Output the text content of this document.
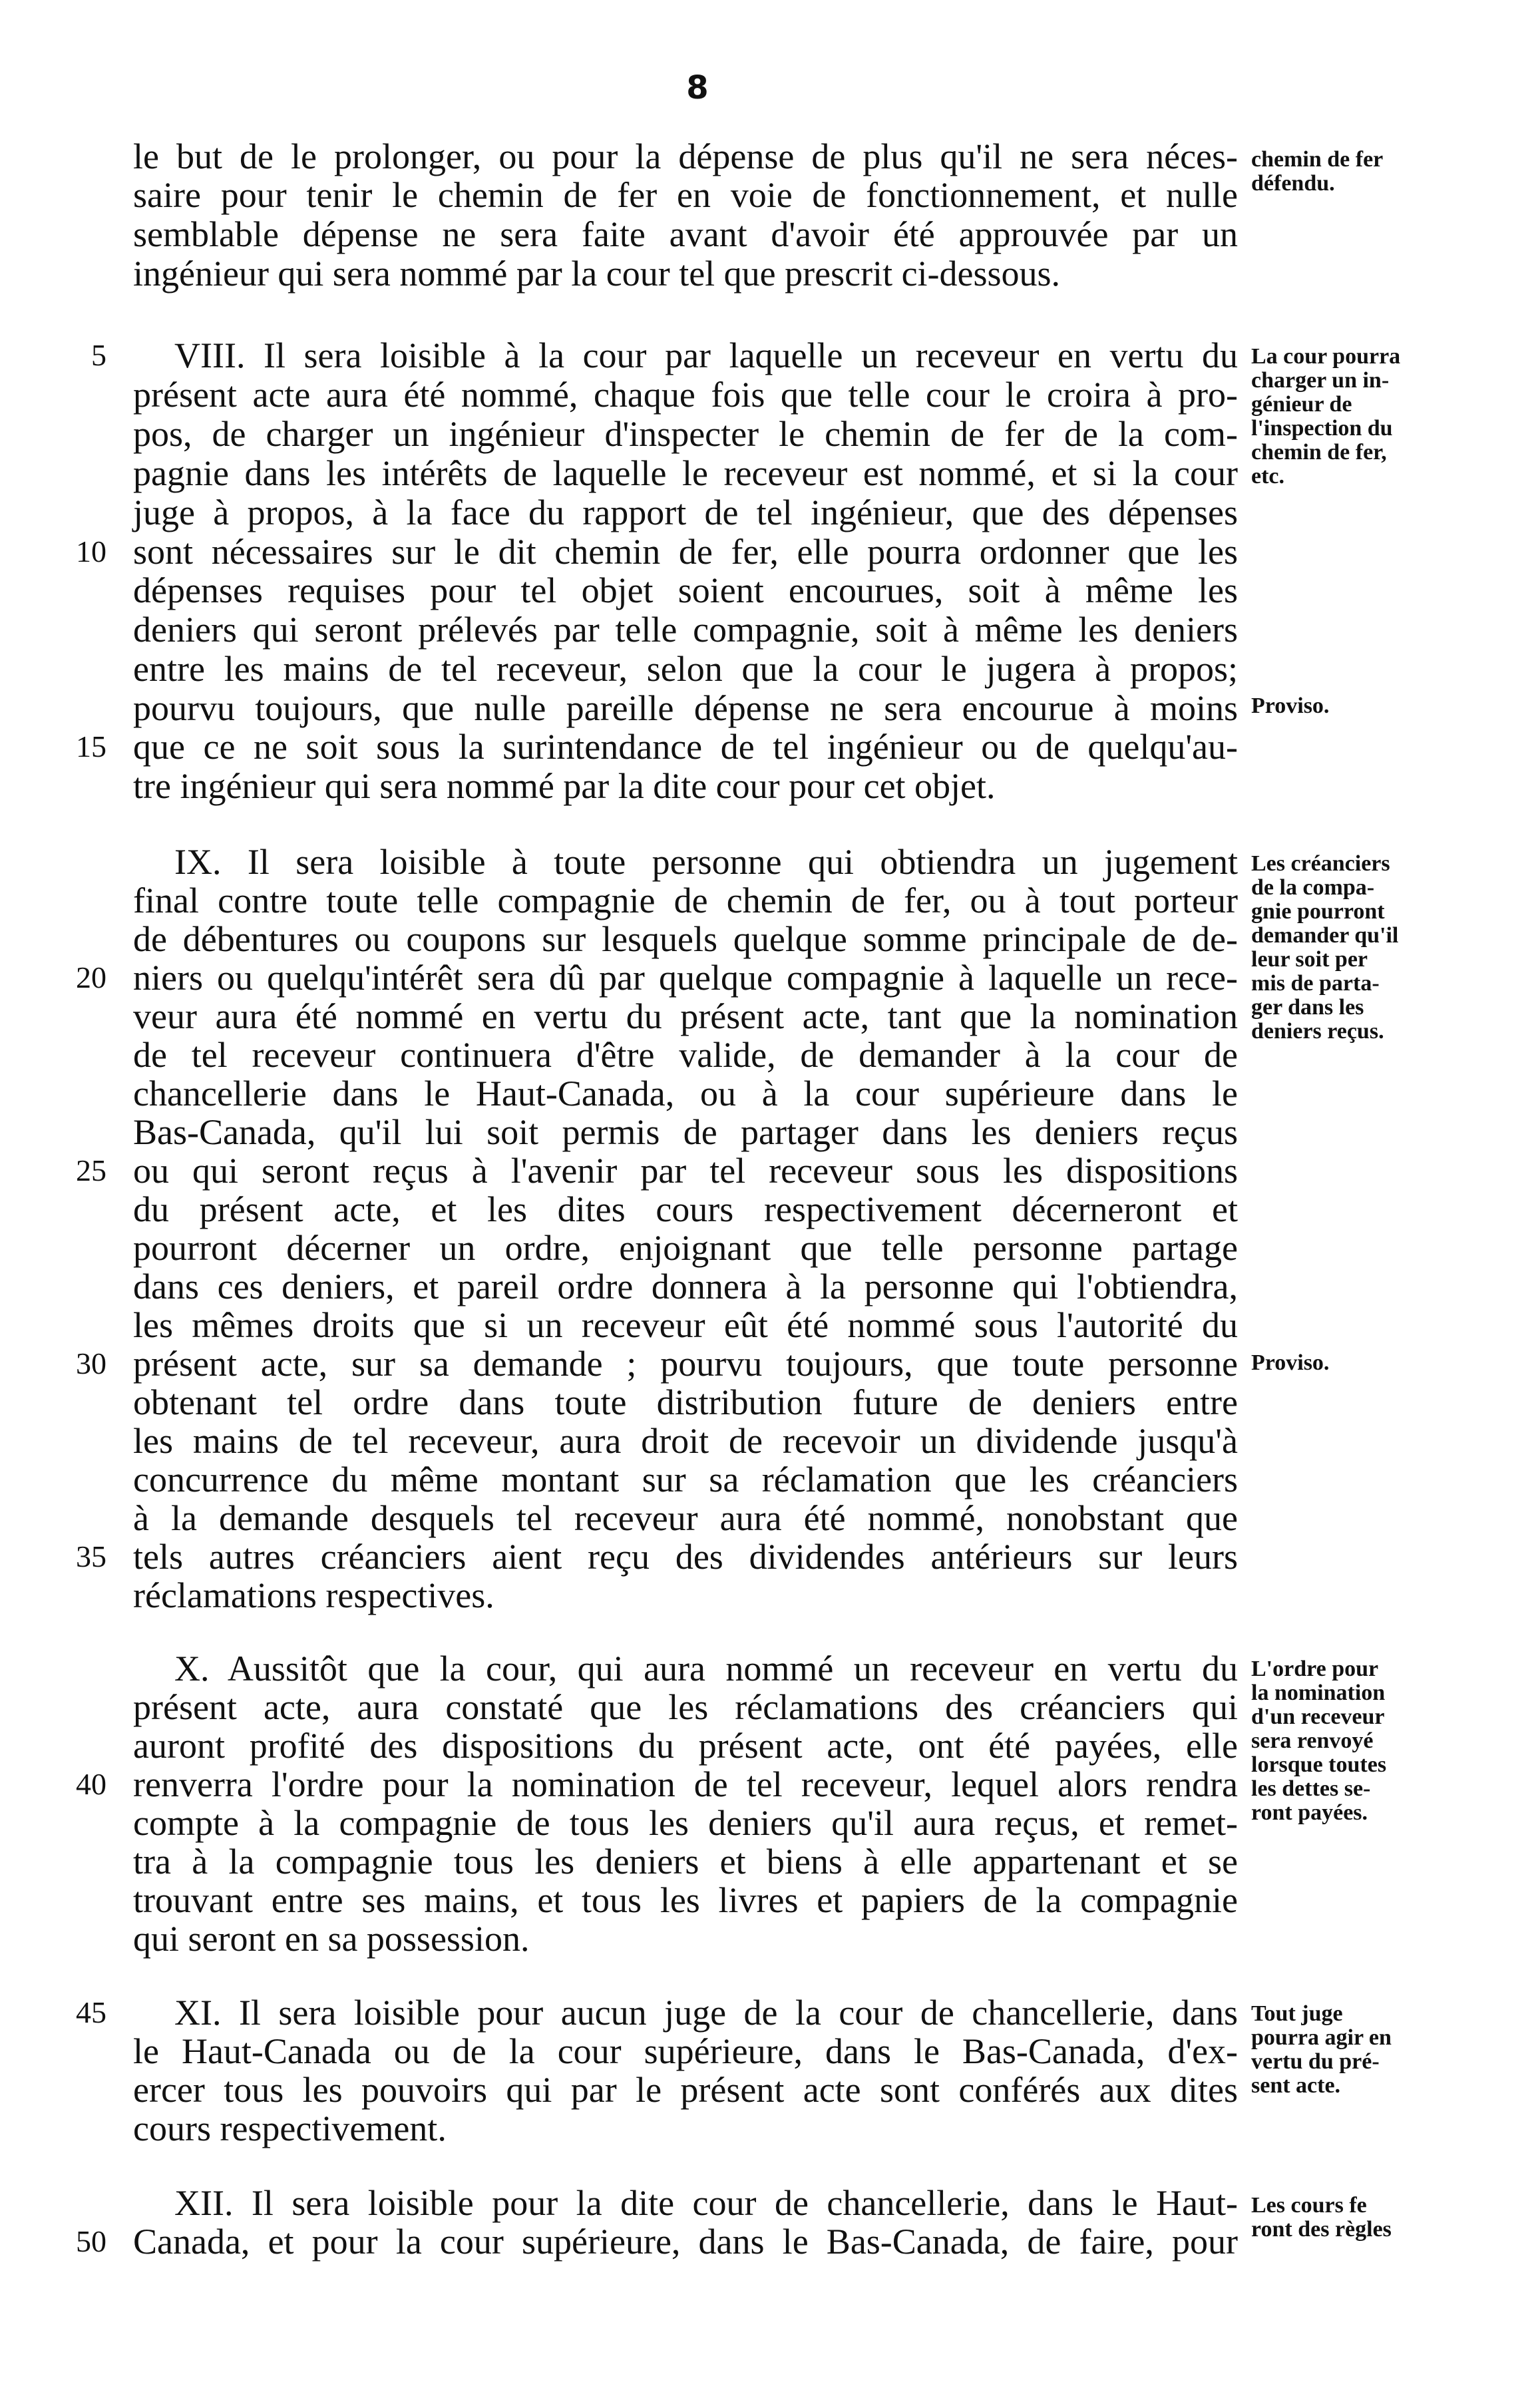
8
le but de le prolonger, ou pour la dépense de plus qu'il ne sera néces-
saire pour tenir le chemin de fer en voie de fonctionnement, et nulle
semblable dépense ne sera faite avant d'avoir été approuvée par un
ingénieur qui sera nommé par la cour tel que prescrit ci-dessous.
VIII. Il sera loisible à la cour par laquelle un receveur en vertu du
présent acte aura été nommé, chaque fois que telle cour le croira à pro-
pos, de charger un ingénieur d'inspecter le chemin de fer de la com-
pagnie dans les intérêts de laquelle le receveur est nommé, et si la cour
juge à propos, à la face du rapport de tel ingénieur, que des dépenses
sont nécessaires sur le dit chemin de fer, elle pourra ordonner que les
dépenses requises pour tel objet soient encourues, soit à même les
deniers qui seront prélevés par telle compagnie, soit à même les deniers
entre les mains de tel receveur, selon que la cour le jugera à propos;
pourvu toujours, que nulle pareille dépense ne sera encourue à moins
que ce ne soit sous la surintendance de tel ingénieur ou de quelqu'au-
tre ingénieur qui sera nommé par la dite cour pour cet objet.
IX. Il sera loisible à toute personne qui obtiendra un jugement
final contre toute telle compagnie de chemin de fer, ou à tout porteur
de débentures ou coupons sur lesquels quelque somme principale de de-
niers ou quelqu'intérêt sera dû par quelque compagnie à laquelle un rece-
veur aura été nommé en vertu du présent acte, tant que la nomination
de tel receveur continuera d'être valide, de demander à la cour de
chancellerie dans le Haut-Canada, ou à la cour supérieure dans le
Bas-Canada, qu'il lui soit permis de partager dans les deniers reçus
ou qui seront reçus à l'avenir par tel receveur sous les dispositions
du présent acte, et les dites cours respectivement décerneront et
pourront décerner un ordre, enjoignant que telle personne partage
dans ces deniers, et pareil ordre donnera à la personne qui l'obtiendra,
les mêmes droits que si un receveur eût été nommé sous l'autorité du
présent acte, sur sa demande ; pourvu toujours, que toute personne
obtenant tel ordre dans toute distribution future de deniers entre
les mains de tel receveur, aura droit de recevoir un dividende jusqu'à
concurrence du même montant sur sa réclamation que les créanciers
à la demande desquels tel receveur aura été nommé, nonobstant que
tels autres créanciers aient reçu des dividendes antérieurs sur leurs
réclamations respectives.
X. Aussitôt que la cour, qui aura nommé un receveur en vertu du
présent acte, aura constaté que les réclamations des créanciers qui
auront profité des dispositions du présent acte, ont été payées, elle
renverra l'ordre pour la nomination de tel receveur, lequel alors rendra
compte à la compagnie de tous les deniers qu'il aura reçus, et remet-
tra à la compagnie tous les deniers et biens à elle appartenant et se
trouvant entre ses mains, et tous les livres et papiers de la compagnie
qui seront en sa possession.
XI. Il sera loisible pour aucun juge de la cour de chancellerie, dans
le Haut-Canada ou de la cour supérieure, dans le Bas-Canada, d'ex-
ercer tous les pouvoirs qui par le présent acte sont conférés aux dites
cours respectivement.
XII. Il sera loisible pour la dite cour de chancellerie, dans le Haut-
Canada, et pour la cour supérieure, dans le Bas-Canada, de faire, pour
5
10
15
20
25
30
35
40
45
50
chemin de fer
défendu.
La cour pourra
charger un in-
génieur de
l'inspection du
chemin de fer,
etc.
Proviso.
Les créanciers
de la compa-
gnie pourront
demander qu'il
leur soit per
mis de parta-
ger dans les
deniers reçus.
Proviso.
L'ordre pour
la nomination
d'un receveur
sera renvoyé
lorsque toutes
les dettes se-
ront payées.
Tout juge
pourra agir en
vertu du pré-
sent acte.
Les cours fe
ront des règles
